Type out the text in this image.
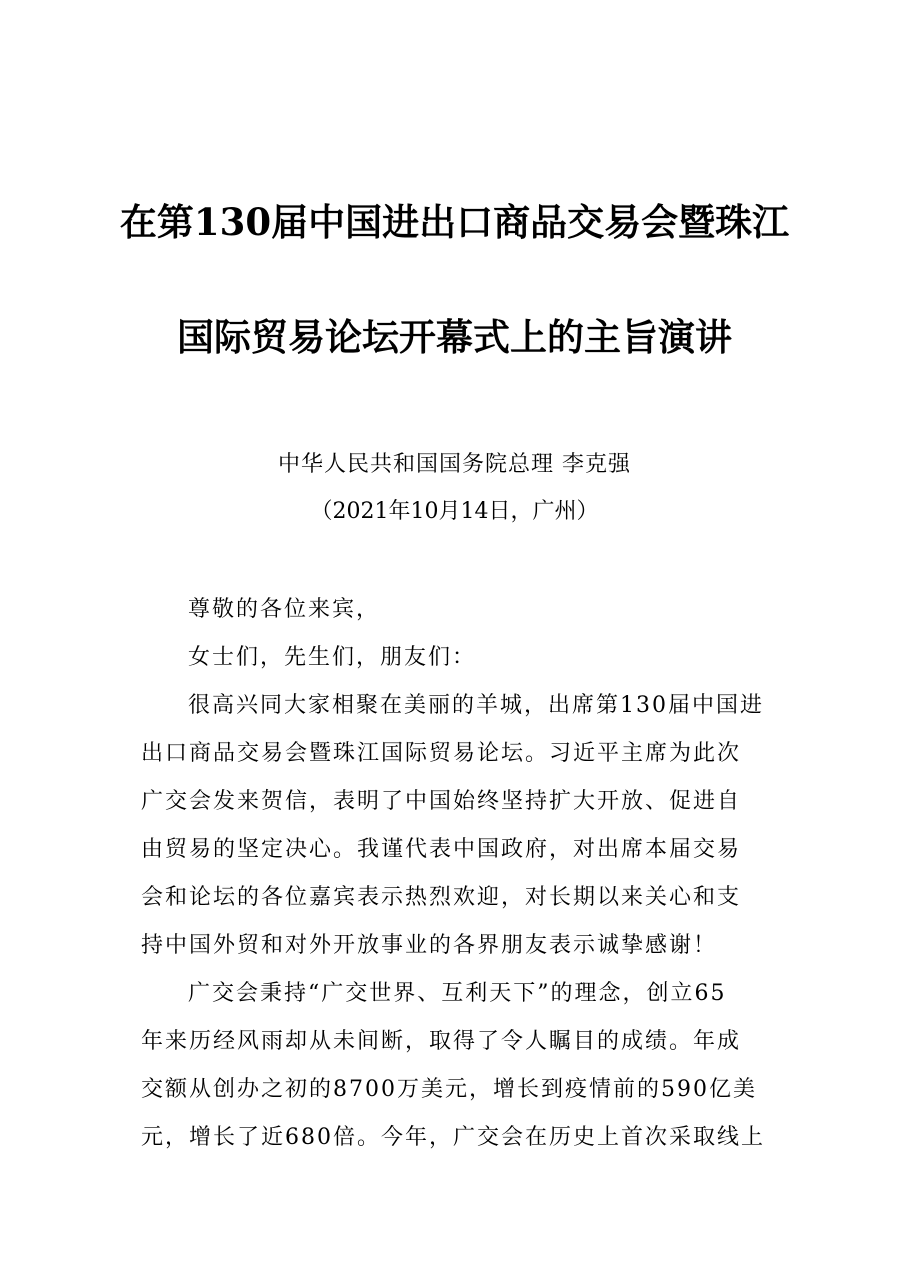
在第130届中国进出口商品交易会暨珠江
国际贸易论坛开幕式上的主旨演讲

中华人民共和国国务院总理 李克强

（2021年10月14日，广州）

尊敬的各位来宾，

女士们，先生们，朋友们：

很高兴同大家相聚在美丽的羊城，出席第130届中国进

出口商品交易会暨珠江国际贸易论坛。习近平主席为此次

广交会发来贺信，表明了中国始终坚持扩大开放、促进自

由贸易的坚定决心。我谨代表中国政府，对出席本届交易

会和论坛的各位嘉宾表示热烈欢迎，对长期以来关心和支

持中国外贸和对外开放事业的各界朋友表示诚挚感谢！

广交会秉持“广交世界、互利天下”的理念，创立65

年来历经风雨却从未间断，取得了令人瞩目的成绩。年成

交额从创办之初的8700万美元，增长到疫情前的590亿美

元，增长了近680倍。今年，广交会在历史上首次采取线上
